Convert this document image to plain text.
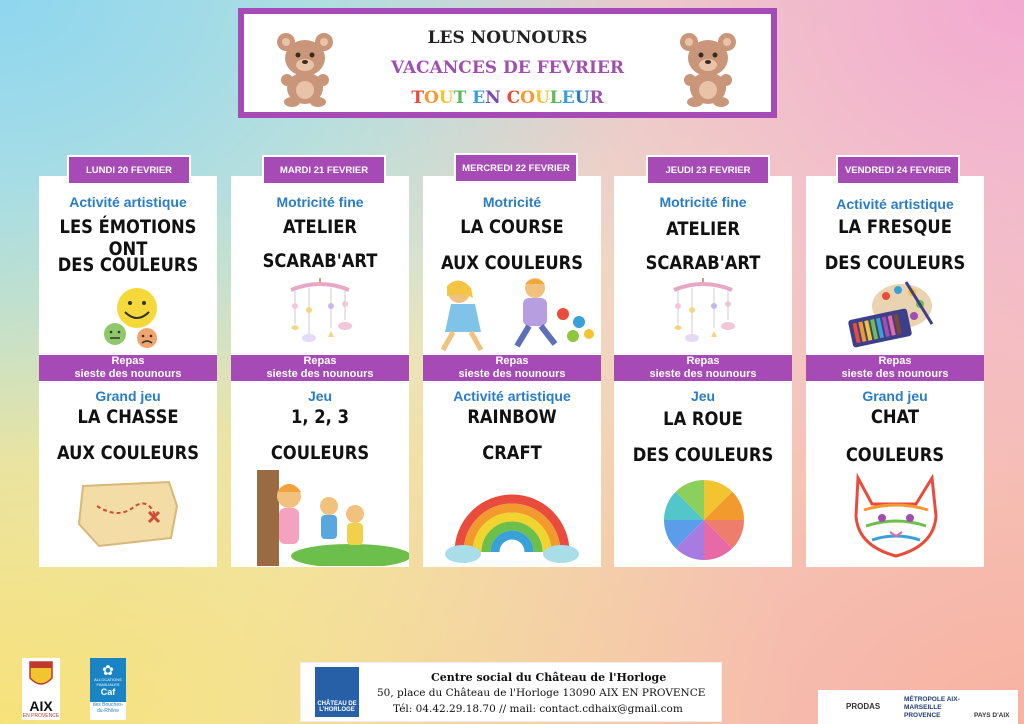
LES NOUNOURS
VACANCES DE FEVRIER
TOUT EN COULEUR
Activité artistique
LES ÉMOTIONS ONT
DES COULEURS
Repas
sieste des nounours
Grand jeu
LA CHASSE
AUX COULEURS
LUNDI 20 FEVRIER
Motricité fine
ATELIER
SCARAB'ART
Repas
sieste des nounours
Jeu
1, 2, 3
COULEURS
MARDI 21 FEVRIER
Motricité
LA COURSE
AUX COULEURS
Repas
sieste des nounours
Activité artistique
RAINBOW
CRAFT
MERCREDI 22 FEVRIER
Motricité fine
ATELIER
SCARAB'ART
Repas
sieste des nounours
Jeu
LA ROUE
DES COULEURS
JEUDI 23 FEVRIER
Activité artistique
LA FRESQUE
DES COULEURS
Repas
sieste des nounours
Grand jeu
CHAT
COULEURS
VENDREDI 24 FEVRIER
AIX
EN PROVENCE
✿
ALLOCATIONS FAMILIALES
Caf
des Bouches-du-Rhône
CHÂTEAU DE L'HORLOGE
Centre social du Château de l'Horloge
50, place du Château de l'Horloge 13090 AIX EN PROVENCE
Tél: 04.42.29.18.70 // mail: contact.cdhaix@gmail.com	PRODAS
MÉTROPOLE AIX-MARSEILLE PROVENCE	PAYS D'AIX
